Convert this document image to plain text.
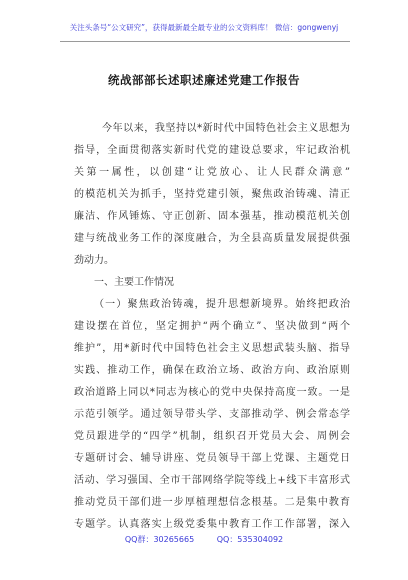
关注头条号“公文研究”，获得最新最全最专业的公文资料库！ 微信：gongwenyj
统战部部长述职述廉述党建工作报告
今年以来，我坚持以*新时代中国特色社会主义思想为
指导，全面贯彻落实新时代党的建设总要求，牢记政治机
关第一属性，以创建“让党放心、让人民群众满意”
的模范机关为抓手，坚持党建引领，聚焦政治铸魂、清正
廉洁、作风锤炼、守正创新、固本强基，推动模范机关创
建与统战业务工作的深度融合，为全县高质量发展提供强
劲动力。
一、主要工作情况
（一）聚焦政治铸魂，提升思想新境界。始终把政治
建设摆在首位，坚定拥护“两个确立”、坚决做到“两个
维护”，用*新时代中国特色社会主义思想武装头脑、指导
实践、推动工作，确保在政治立场、政治方向、政治原则
政治道路上同以*同志为核心的党中央保持高度一致。一是
示范引领学。通过领导带头学、支部推动学、例会常态学
党员跟进学的“四学”机制，组织召开党员大会、周例会
专题研讨会、辅导讲座、党员领导干部上党课、主题党日
活动、学习强国、全市干部网络学院等线上+线下丰富形式
推动党员干部们进一步厚植理想信念根基。二是集中教育
专题学。认真落实上级党委集中教育工作工作部署，深入
QQ群：30265665	QQ：535304092
